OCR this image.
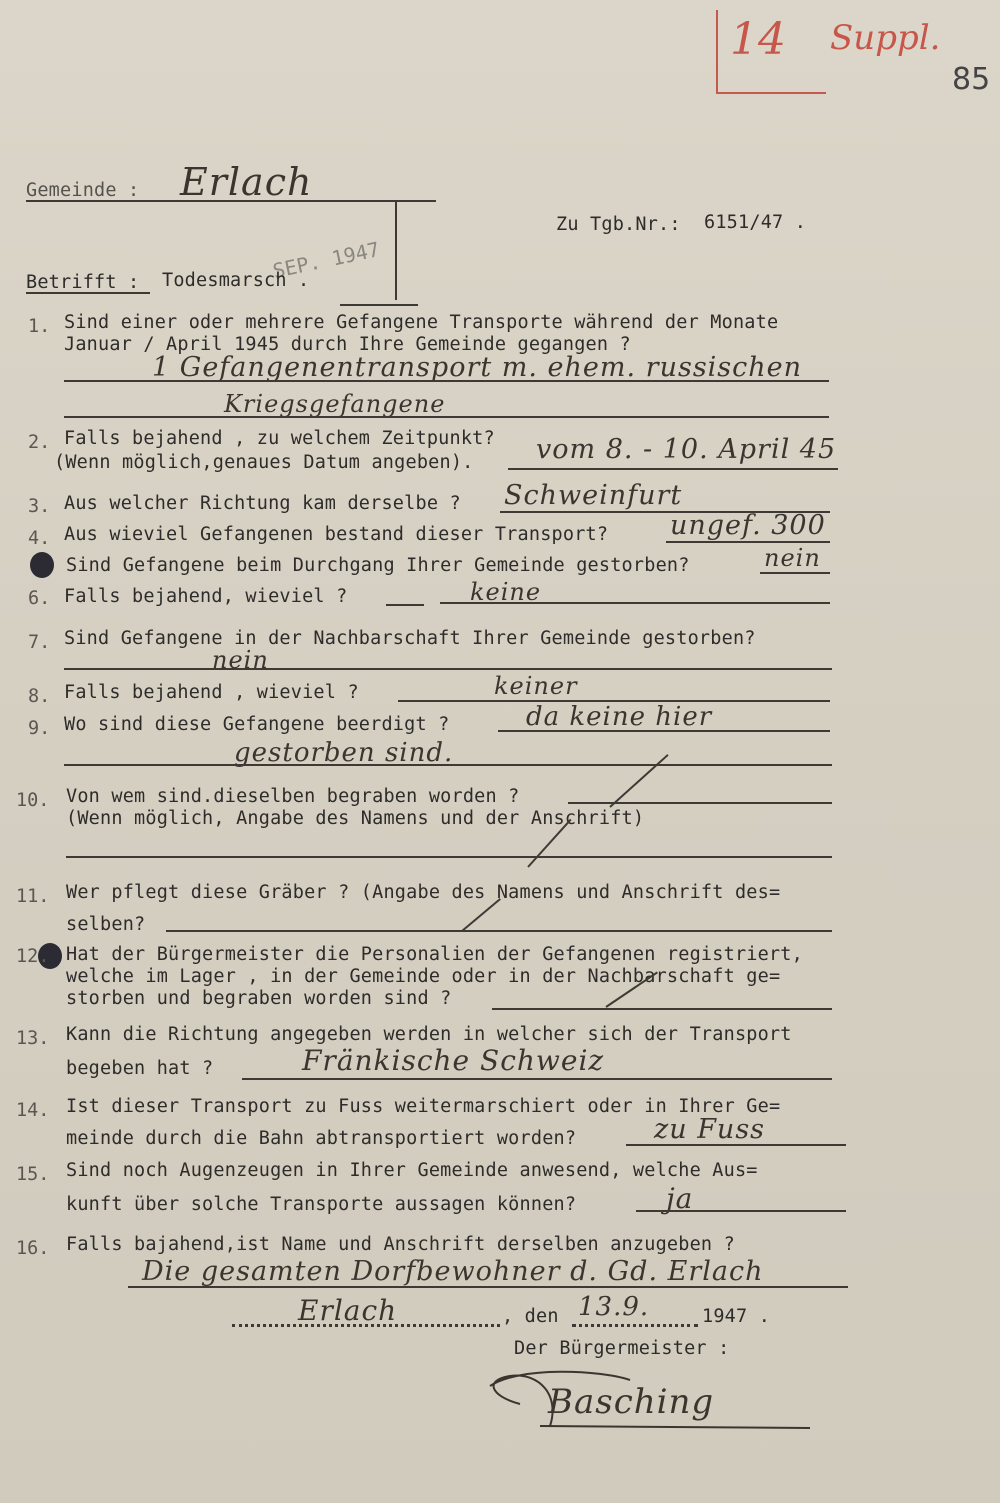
14 Suppl.
85
Gemeinde : Erlach
Zu Tgb.Nr.: 6151/47 .
SEP. 1947
Betrifft : Todesmarsch .
1. Sind einer oder mehrere Gefangene Transporte während der Monate
Januar / April 1945 durch Ihre Gemeinde gegangen ?
1 Gefangenentransport m. ehem. russischen
Kriegsgefangene
2. Falls bejahend , zu welchem Zeitpunkt?
(Wenn möglich,genaues Datum angeben). vom 8. - 10. April 45
3. Aus welcher Richtung kam derselbe ? Schweinfurt
4. Aus wieviel Gefangenen bestand dieser Transport? ungef. 300
Sind Gefangene beim Durchgang Ihrer Gemeinde gestorben?	nein
6. Falls bejahend, wieviel ?	keine
7. Sind Gefangene in der Nachbarschaft Ihrer Gemeinde gestorben?
nein
8. Falls bejahend , wieviel ?	keiner
9. Wo sind diese Gefangene beerdigt ?	da keine hier
gestorben sind.
10. Von wem sind.dieselben begraben worden ?
(Wenn möglich, Angabe des Namens und der Anschrift)
11. Wer pflegt diese Gräber ? (Angabe des Namens und Anschrift des=
selben?
12. Hat der Bürgermeister die Personalien der Gefangenen registriert,
welche im Lager , in der Gemeinde oder in der Nachbarschaft ge=
storben und begraben worden sind ?
13. Kann die Richtung angegeben werden in welcher sich der Transport
begeben hat ?	Fränkische Schweiz
14. Ist dieser Transport zu Fuss weitermarschiert oder in Ihrer Ge=
meinde durch die Bahn abtransportiert worden?	zu Fuss
15. Sind noch Augenzeugen in Ihrer Gemeinde anwesend, welche Aus=
kunft über solche Transporte aussagen können?	ja
16. Falls bajahend,ist Name und Anschrift derselben anzugeben ?
Die gesamten Dorfbewohner d. Gd. Erlach
Erlach	, den 13.9.	1947 .
Der Bürgermeister :
Basching
